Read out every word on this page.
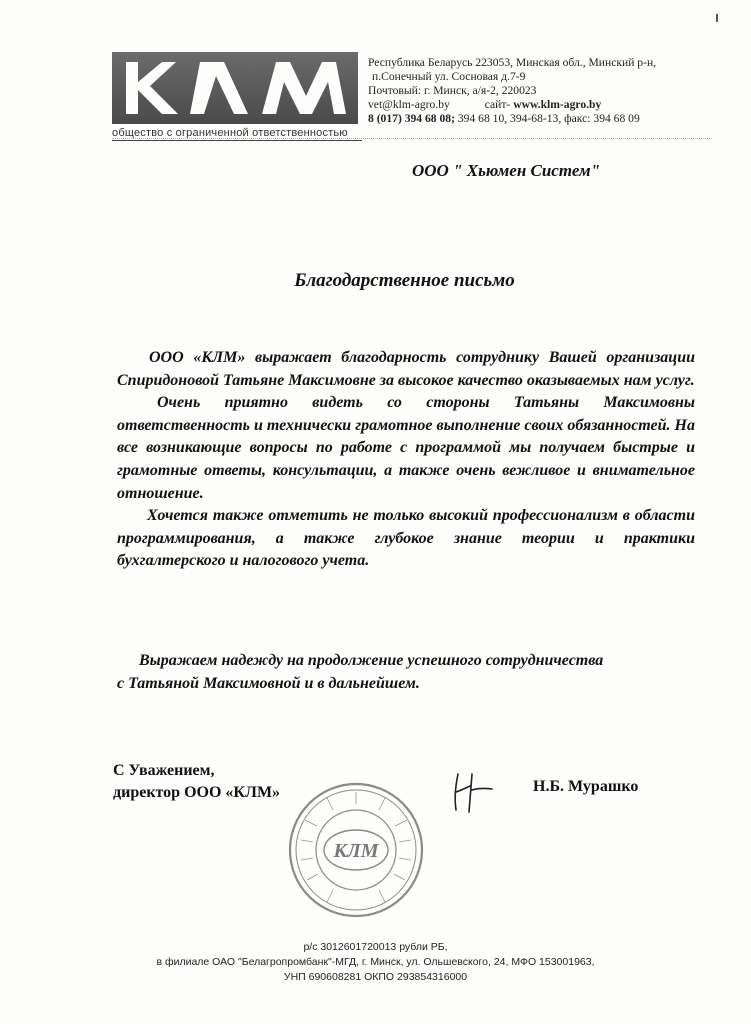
общество с ограниченной ответственностью
Республика Беларусь 223053, Минская обл., Минский р-н,
п.Сонечный ул. Сосновая д.7-9
Почтовый: г. Минск, а/я-2, 220023
vet@klm-agro.by	сайт- www.klm-agro.by
8 (017) 394 68 08; 394 68 10, 394-68-13, факс: 394 68 09
ООО " Хьюмен Систем"
Благодарственное письмо

ООО «КЛМ» выражает благодарность сотруднику Вашей организации Спиридоновой Татьяне Максимовне за высокое качество оказываемых нам услуг.

Очень приятно видеть со стороны Татьяны Максимовны ответственность и технически грамотное выполнение своих обязанностей. На все возникающие вопросы по работе с программой мы получаем быстрые и грамотные ответы, консультации, а также очень вежливое и внимательное отношение.

Хочется также отметить не только высокий профессионализм в области программирования, а также глубокое знание теории и практики бухгалтерского и налогового учета.

Выражаем надежду на продолжение успешного сотрудничества

с Татьяной Максимовной и в дальнейшем.

С Уважением,
директор ООО «КЛМ»	Н.Б. Мурашко
КЛМ
р/с 3012601720013 рубли РБ,
в филиале ОАО "Белагропромбанк"-МГД, г. Минск, ул. Ольшевского, 24, МФО 153001963,
УНП 690608281 ОКПО 293854316000
